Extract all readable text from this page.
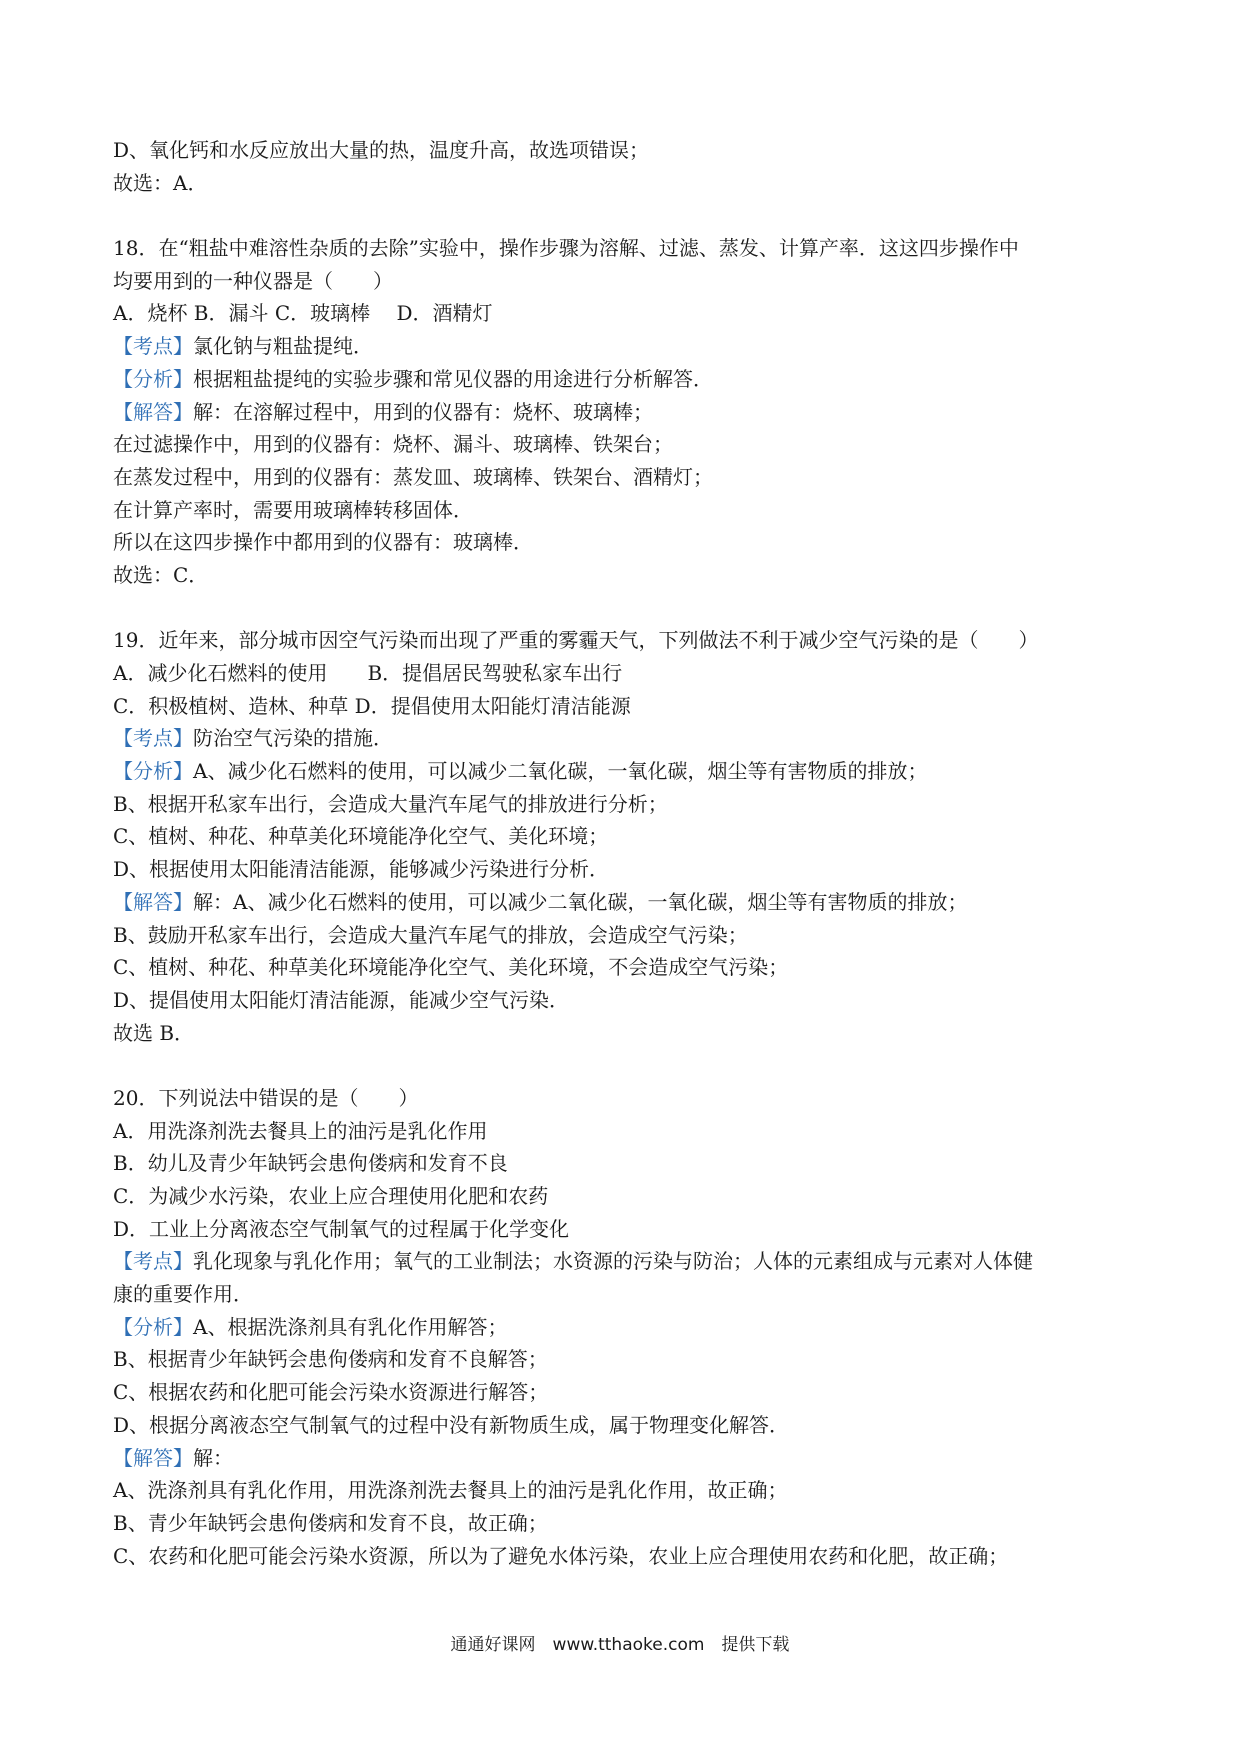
D、氧化钙和水反应放出大量的热，温度升高，故选项错误；
故选：A．
18．在“粗盐中难溶性杂质的去除”实验中，操作步骤为溶解、过滤、蒸发、计算产率．这这四步操作中
均要用到的一种仪器是（　　）
A．烧杯 B．漏斗 C．玻璃棒　 D．酒精灯
【考点】氯化钠与粗盐提纯．
【分析】根据粗盐提纯的实验步骤和常见仪器的用途进行分析解答．
【解答】解：在溶解过程中，用到的仪器有：烧杯、玻璃棒；
在过滤操作中，用到的仪器有：烧杯、漏斗、玻璃棒、铁架台；
在蒸发过程中，用到的仪器有：蒸发皿、玻璃棒、铁架台、酒精灯；
在计算产率时，需要用玻璃棒转移固体．
所以在这四步操作中都用到的仪器有：玻璃棒．
故选：C．
19．近年来，部分城市因空气污染而出现了严重的雾霾天气，下列做法不利于减少空气污染的是（　　）
A．减少化石燃料的使用　　B．提倡居民驾驶私家车出行
C．积极植树、造林、种草 D．提倡使用太阳能灯清洁能源
【考点】防治空气污染的措施．
【分析】A、减少化石燃料的使用，可以减少二氧化碳，一氧化碳，烟尘等有害物质的排放；
B、根据开私家车出行，会造成大量汽车尾气的排放进行分析；
C、植树、种花、种草美化环境能净化空气、美化环境；
D、根据使用太阳能清洁能源，能够减少污染进行分析．
【解答】解：A、减少化石燃料的使用，可以减少二氧化碳，一氧化碳，烟尘等有害物质的排放；
B、鼓励开私家车出行，会造成大量汽车尾气的排放，会造成空气污染；
C、植树、种花、种草美化环境能净化空气、美化环境，不会造成空气污染；
D、提倡使用太阳能灯清洁能源，能减少空气污染．
故选 B．
20．下列说法中错误的是（　　）
A．用洗涤剂洗去餐具上的油污是乳化作用
B．幼儿及青少年缺钙会患佝偻病和发育不良
C．为减少水污染，农业上应合理使用化肥和农药
D．工业上分离液态空气制氧气的过程属于化学变化
【考点】乳化现象与乳化作用；氧气的工业制法；水资源的污染与防治；人体的元素组成与元素对人体健
康的重要作用．
【分析】A、根据洗涤剂具有乳化作用解答；
B、根据青少年缺钙会患佝偻病和发育不良解答；
C、根据农药和化肥可能会污染水资源进行解答；
D、根据分离液态空气制氧气的过程中没有新物质生成，属于物理变化解答．
【解答】解：
A、洗涤剂具有乳化作用，用洗涤剂洗去餐具上的油污是乳化作用，故正确；
B、青少年缺钙会患佝偻病和发育不良，故正确；
C、农药和化肥可能会污染水资源，所以为了避免水体污染，农业上应合理使用农药和化肥，故正确；
通通好课网　www.tthaoke.com　提供下载
